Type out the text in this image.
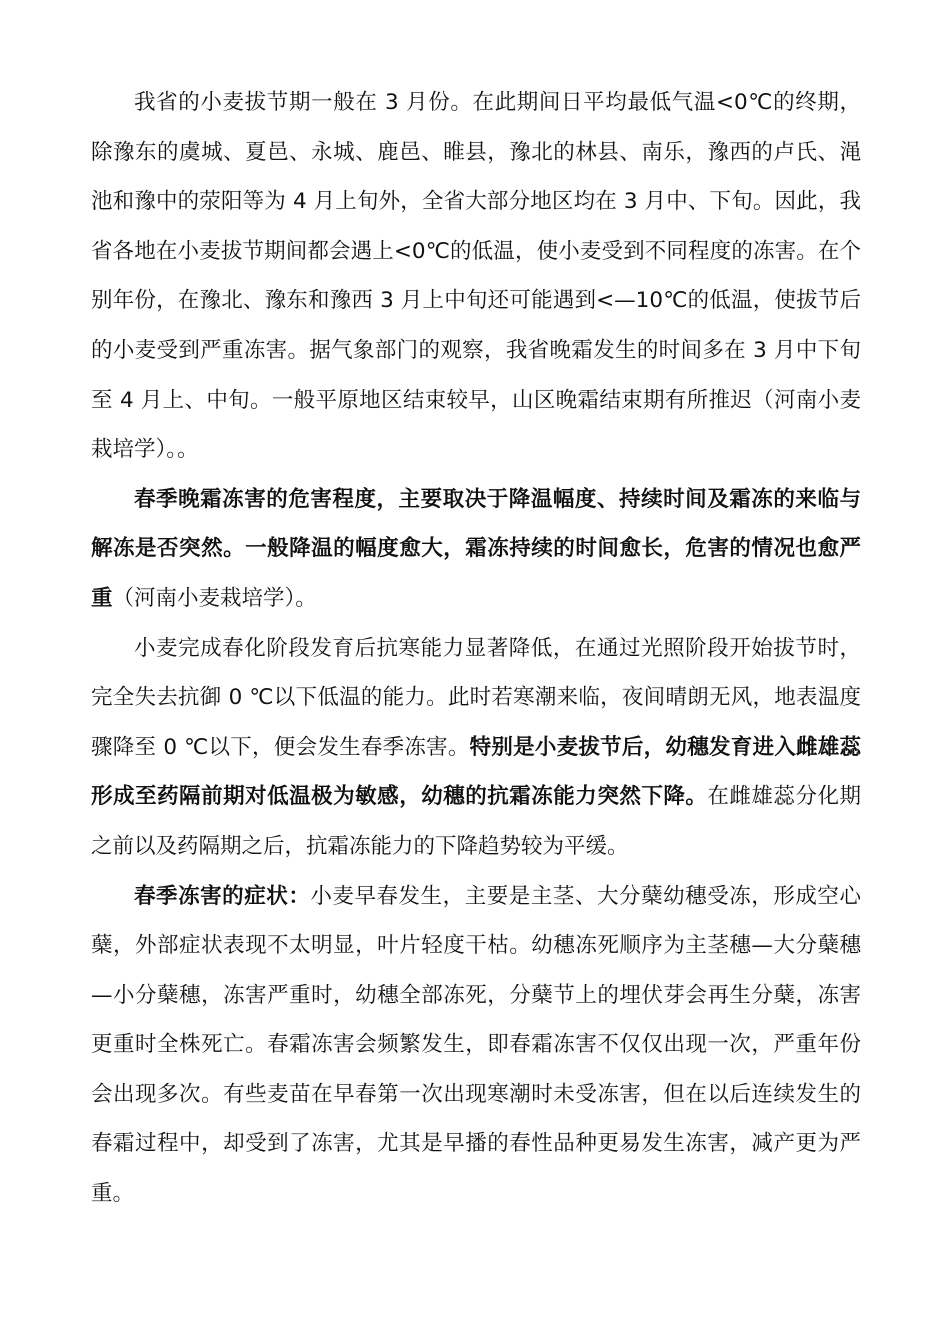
我省的小麦拔节期一般在 3 月份。在此期间日平均最低气温<0℃的终期，除豫东的虞城、夏邑、永城、鹿邑、睢县，豫北的林县、南乐，豫西的卢氏、渑池和豫中的荥阳等为 4 月上旬外，全省大部分地区均在 3 月中、下旬。因此，我省各地在小麦拔节期间都会遇上<0℃的低温，使小麦受到不同程度的冻害。在个别年份，在豫北、豫东和豫西 3 月上中旬还可能遇到<—10℃的低温，使拔节后的小麦受到严重冻害。据气象部门的观察，我省晚霜发生的时间多在 3 月中下旬至 4 月上、中旬。一般平原地区结束较早，山区晚霜结束期有所推迟（河南小麦栽培学）。。

春季晚霜冻害的危害程度，主要取决于降温幅度、持续时间及霜冻的来临与解冻是否突然。一般降温的幅度愈大，霜冻持续的时间愈长，危害的情况也愈严重（河南小麦栽培学）。

小麦完成春化阶段发育后抗寒能力显著降低，在通过光照阶段开始拔节时，完全失去抗御 0 ℃以下低温的能力。此时若寒潮来临，夜间晴朗无风，地表温度骤降至 0 ℃以下，便会发生春季冻害。特别是小麦拔节后，幼穗发育进入雌雄蕊形成至药隔前期对低温极为敏感，幼穗的抗霜冻能力突然下降。在雌雄蕊分化期之前以及药隔期之后，抗霜冻能力的下降趋势较为平缓。

春季冻害的症状：小麦早春发生，主要是主茎、大分蘖幼穗受冻，形成空心蘖，外部症状表现不太明显，叶片轻度干枯。幼穗冻死顺序为主茎穗—大分蘖穗—小分蘖穗，冻害严重时，幼穗全部冻死，分蘖节上的埋伏芽会再生分蘖，冻害更重时全株死亡。春霜冻害会频繁发生，即春霜冻害不仅仅出现一次，严重年份会出现多次。有些麦苗在早春第一次出现寒潮时未受冻害，但在以后连续发生的春霜过程中，却受到了冻害，尤其是早播的春性品种更易发生冻害，减产更为严重。
